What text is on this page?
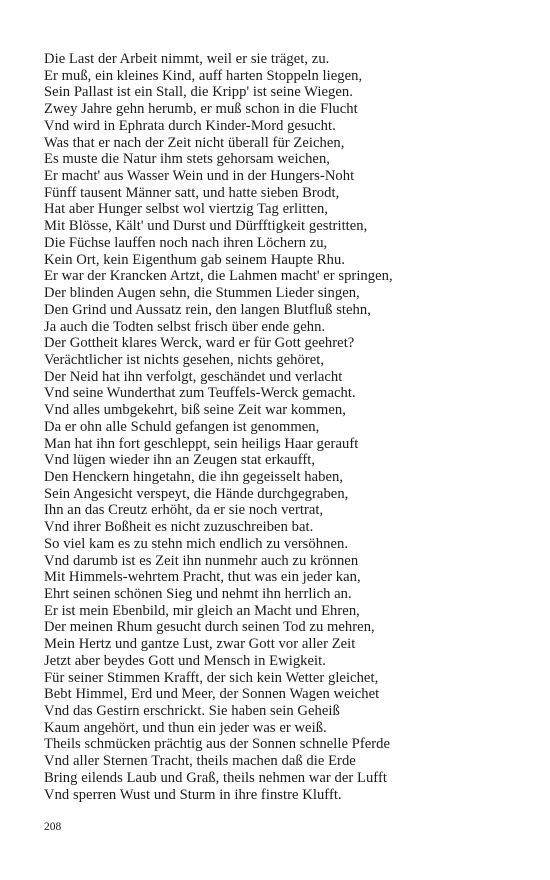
Die Last der Arbeit nimmt, weil er sie träget, zu.
Er muß, ein kleines Kind, auff harten Stoppeln liegen,
Sein Pallast ist ein Stall, die Kripp' ist seine Wiegen.
Zwey Jahre gehn herumb, er muß schon in die Flucht
Vnd wird in Ephrata durch Kinder-Mord gesucht.
Was that er nach der Zeit nicht überall für Zeichen,
Es muste die Natur ihm stets gehorsam weichen,
Er macht' aus Wasser Wein und in der Hungers-Noht
Fünff tausent Männer satt, und hatte sieben Brodt,
Hat aber Hunger selbst wol viertzig Tag erlitten,
Mit Blösse, Kält' und Durst und Dürfftigkeit gestritten,
Die Füchse lauffen noch nach ihren Löchern zu,
Kein Ort, kein Eigenthum gab seinem Haupte Rhu.
Er war der Krancken Artzt, die Lahmen macht' er springen,
Der blinden Augen sehn, die Stummen Lieder singen,
Den Grind und Aussatz rein, den langen Blutfluß stehn,
Ja auch die Todten selbst frisch über ende gehn.
Der Gottheit klares Werck, ward er für Gott geehret?
Verächtlicher ist nichts gesehen, nichts gehöret,
Der Neid hat ihn verfolgt, geschändet und verlacht
Vnd seine Wunderthat zum Teuffels-Werck gemacht.
Vnd alles umbgekehrt, biß seine Zeit war kommen,
Da er ohn alle Schuld gefangen ist genommen,
Man hat ihn fort geschleppt, sein heiligs Haar gerauft
Vnd lügen wieder ihn an Zeugen stat erkaufft,
Den Henckern hingetahn, die ihn gegeisselt haben,
Sein Angesicht verspeyt, die Hände durchgegraben,
Ihn an das Creutz erhöht, da er sie noch vertrat,
Vnd ihrer Boßheit es nicht zuzuschreiben bat.
So viel kam es zu stehn mich endlich zu versöhnen.
Vnd darumb ist es Zeit ihn nunmehr auch zu krönnen
Mit Himmels-wehrtem Pracht, thut was ein jeder kan,
Ehrt seinen schönen Sieg und nehmt ihn herrlich an.
Er ist mein Ebenbild, mir gleich an Macht und Ehren,
Der meinen Rhum gesucht durch seinen Tod zu mehren,
Mein Hertz und gantze Lust, zwar Gott vor aller Zeit
Jetzt aber beydes Gott und Mensch in Ewigkeit.
Für seiner Stimmen Krafft, der sich kein Wetter gleichet,
Bebt Himmel, Erd und Meer, der Sonnen Wagen weichet
Vnd das Gestirn erschrickt. Sie haben sein Geheiß
Kaum angehört, und thun ein jeder was er weiß.
Theils schmücken prächtig aus der Sonnen schnelle Pferde
Vnd aller Sternen Tracht, theils machen daß die Erde
Bring eilends Laub und Graß, theils nehmen war der Lufft
Vnd sperren Wust und Sturm in ihre finstre Klufft.
208
